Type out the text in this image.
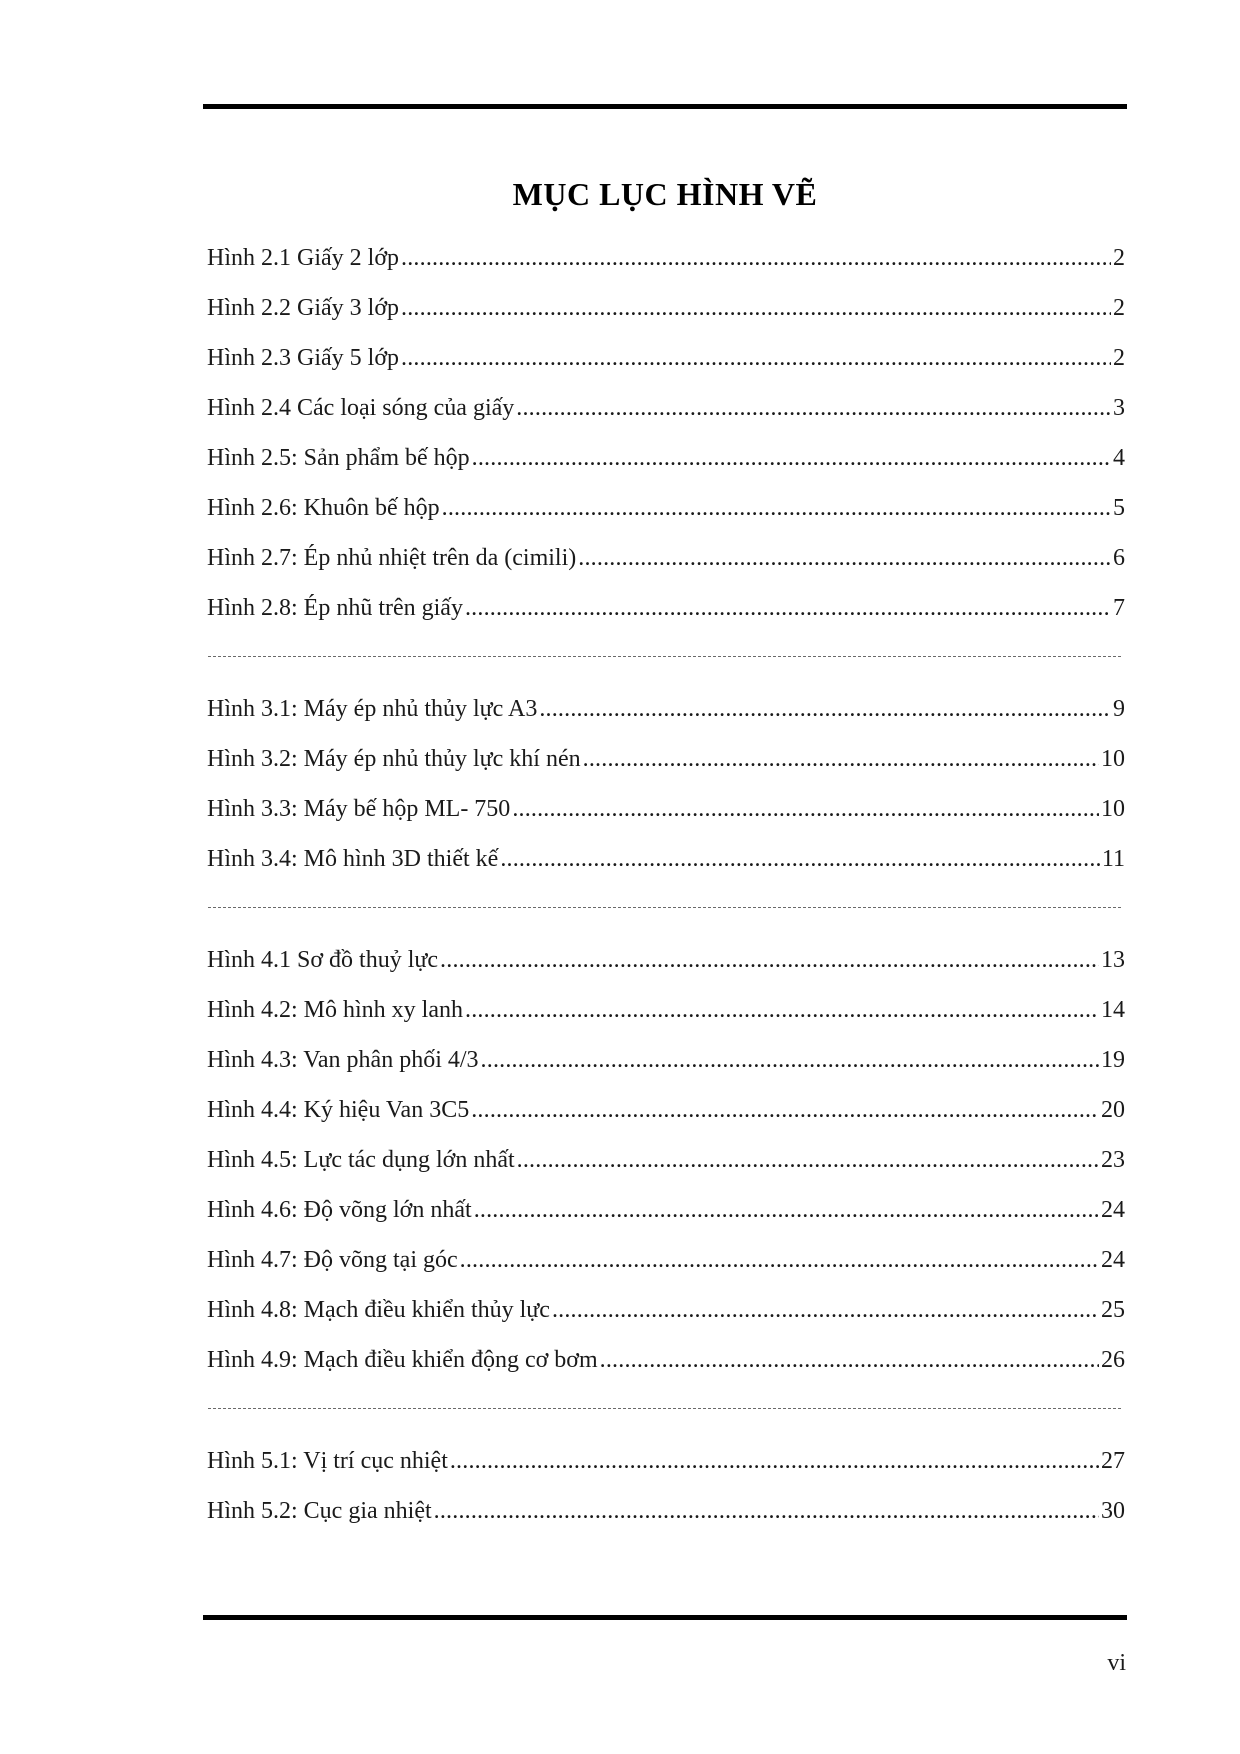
MỤC LỤC HÌNH VẼ
Hình 2.1 Giấy 2 lớp .....	2
Hình 2.2 Giấy 3 lớp .....	2
Hình 2.3 Giấy 5 lớp .....	2
Hình 2.4 Các loại sóng của giấy .....	3
Hình 2.5: Sản phẩm bế hộp .....	4
Hình 2.6: Khuôn bế hộp .....	5
Hình 2.7: Ép nhủ nhiệt trên da (cimili) .....	6
Hình 2.8: Ép nhũ trên giấy .....	7
Hình 3.1: Máy ép nhủ thủy lực A3 .....	9
Hình 3.2: Máy ép nhủ thủy lực khí nén .....	10
Hình 3.3: Máy bế hộp ML- 750 .....	10
Hình 3.4: Mô hình 3D thiết kế .....	11
Hình 4.1 Sơ đồ thuỷ lực .....	13
Hình 4.2: Mô hình xy lanh .....	14
Hình 4.3: Van phân phối 4/3 .....	19
Hình 4.4: Ký hiệu Van 3C5 .....	20
Hình 4.5: Lực tác dụng lớn nhất .....	23
Hình 4.6: Độ võng lớn nhất .....	24
Hình 4.7: Độ võng tại góc .....	24
Hình 4.8: Mạch điều khiển thủy lực .....	25
Hình 4.9: Mạch điều khiển động cơ bơm .....	26
Hình 5.1: Vị trí cục nhiệt .....	27
Hình 5.2: Cục gia nhiệt .....	30
vi
